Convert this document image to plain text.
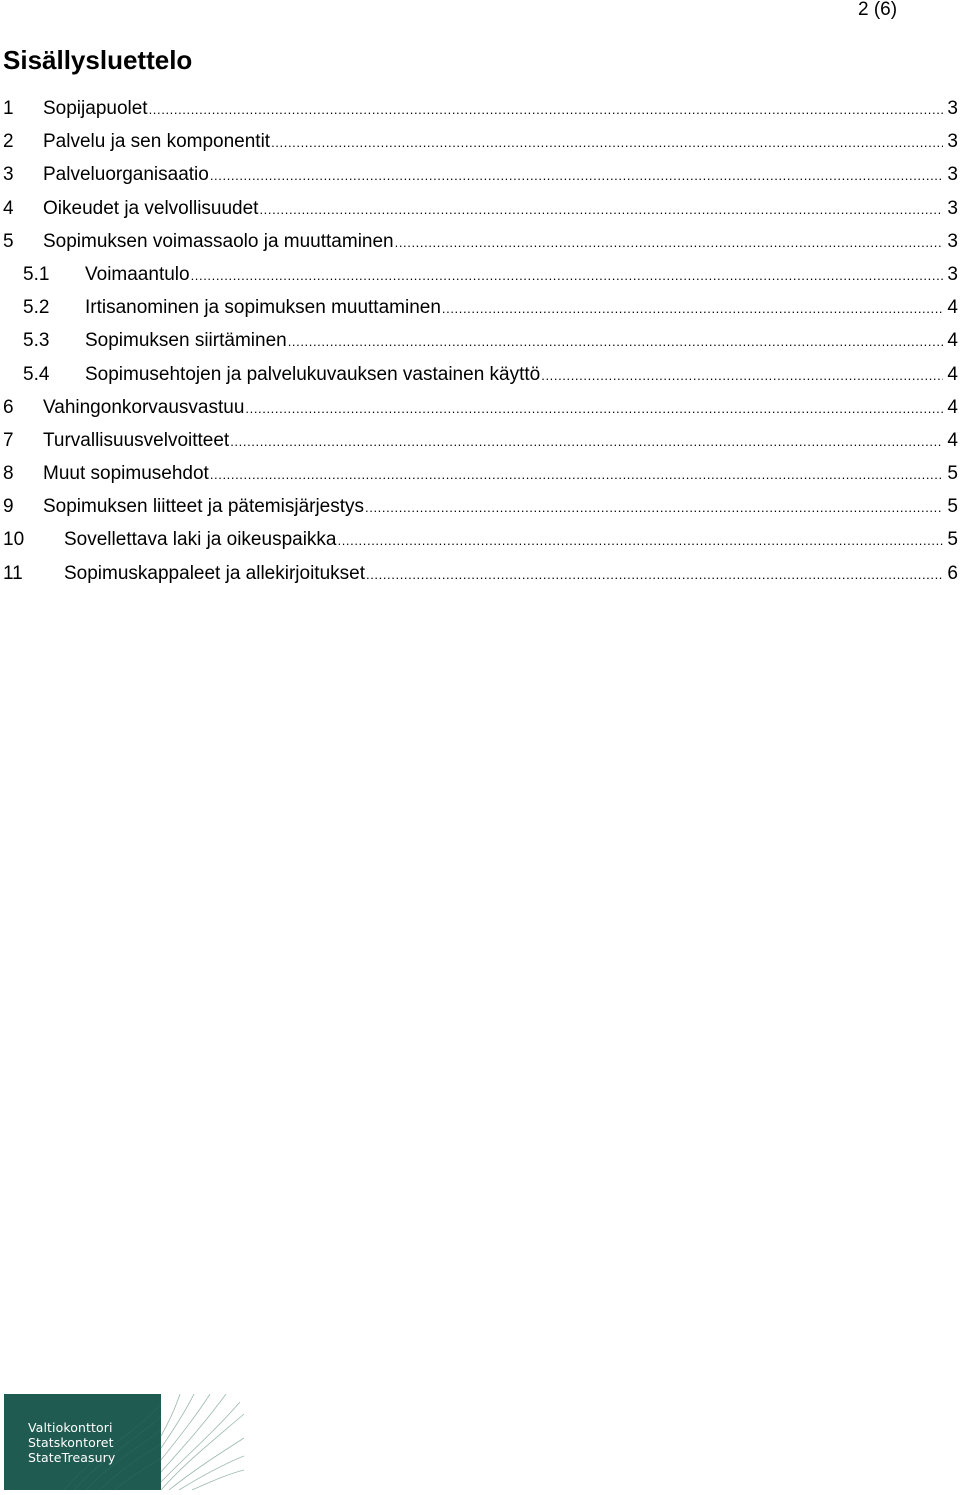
2 (6)
Sisällysluettelo
1 Sopijapuolet .....	3
2 Palvelu ja sen komponentit .....	3
3 Palveluorganisaatio .....	3
4 Oikeudet ja velvollisuudet .....	3
5 Sopimuksen voimassaolo ja muuttaminen .....	3
5.1 Voimaantulo .....	3
5.2 Irtisanominen ja sopimuksen muuttaminen .....	4
5.3 Sopimuksen siirtäminen .....	4
5.4 Sopimusehtojen ja palvelukuvauksen vastainen käyttö .....	4
6 Vahingonkorvausvastuu .....	4
7 Turvallisuusvelvoitteet .....	4
8 Muut sopimusehdot .....	5
9 Sopimuksen liitteet ja pätemisjärjestys .....	5
10 Sovellettava laki ja oikeuspaikka .....	5
11 Sopimuskappaleet ja allekirjoitukset .....	6
Valtiokonttori
Statskontoret
StateTreasury
